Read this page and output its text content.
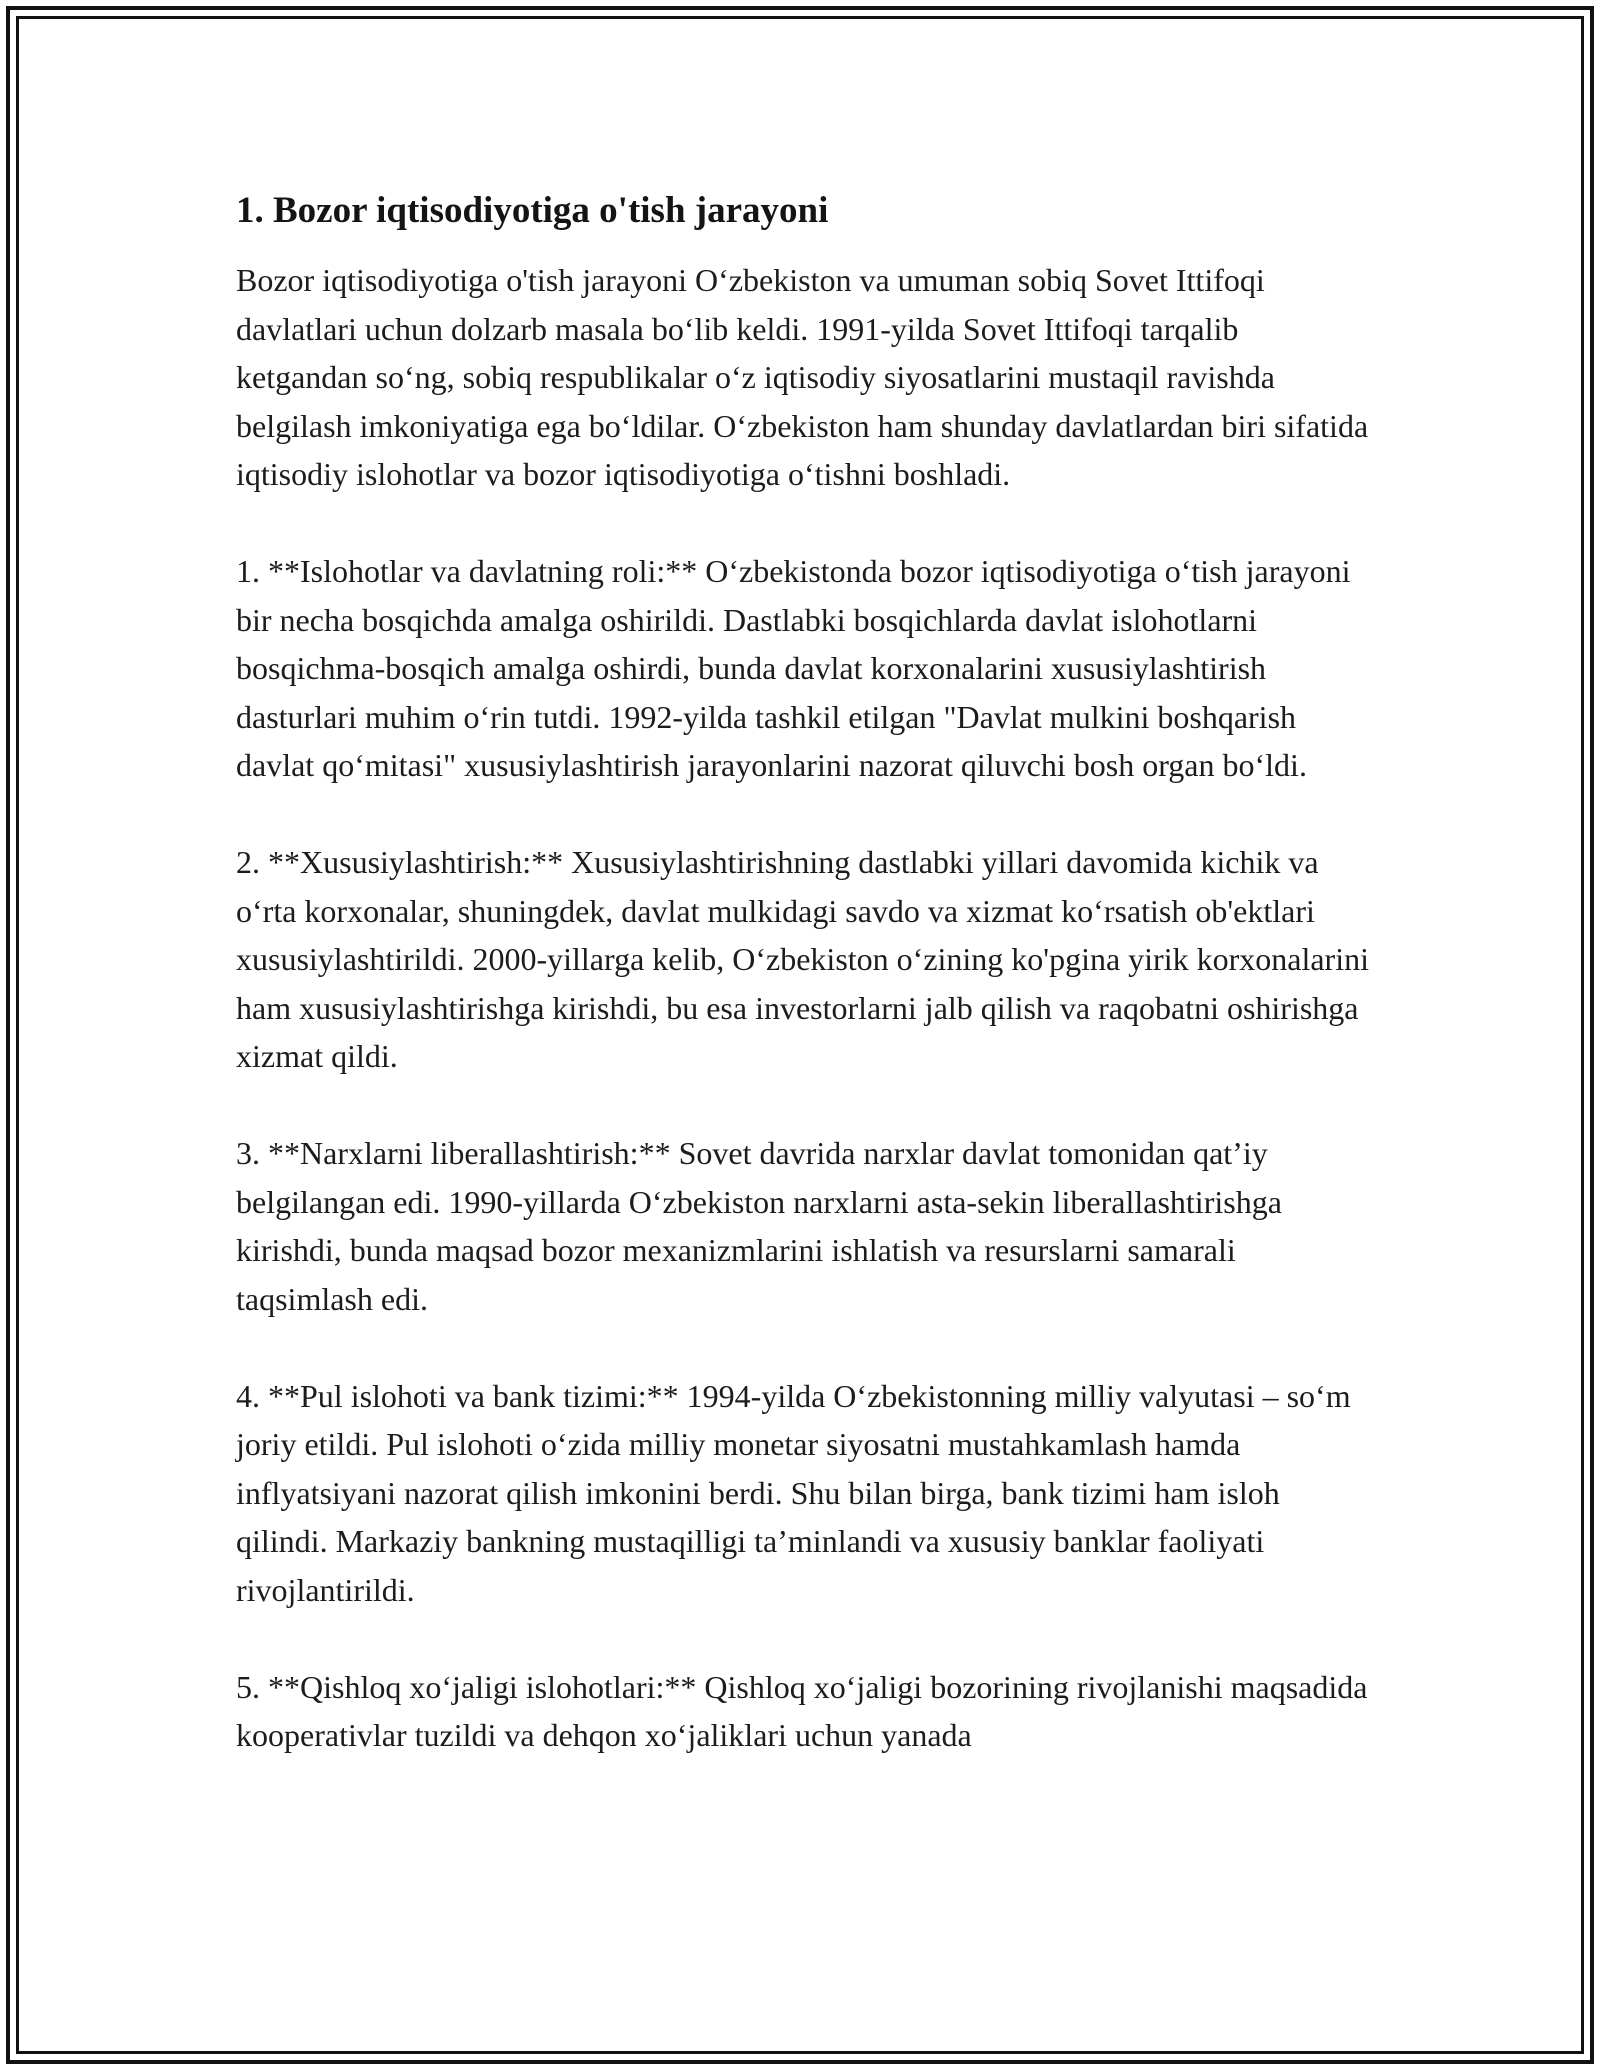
1. Bozor iqtisodiyotiga o'tish jarayoni

Bozor iqtisodiyotiga o'tish jarayoni O‘zbekiston va umuman sobiq Sovet Ittifoqi davlatlari uchun dolzarb masala bo‘lib keldi. 1991-yilda Sovet Ittifoqi tarqalib ketgandan so‘ng, sobiq respublikalar o‘z iqtisodiy siyosatlarini mustaqil ravishda belgilash imkoniyatiga ega bo‘ldilar. O‘zbekiston ham shunday davlatlardan biri sifatida iqtisodiy islohotlar va bozor iqtisodiyotiga o‘tishni boshladi.

1. **Islohotlar va davlatning roli:** O‘zbekistonda bozor iqtisodiyotiga o‘tish jarayoni bir necha bosqichda amalga oshirildi. Dastlabki bosqichlarda davlat islohotlarni bosqichma-bosqich amalga oshirdi, bunda davlat korxonalarini xususiylashtirish dasturlari muhim o‘rin tutdi. 1992-yilda tashkil etilgan "Davlat mulkini boshqarish davlat qo‘mitasi" xususiylashtirish jarayonlarini nazorat qiluvchi bosh organ bo‘ldi.

2. **Xususiylashtirish:** Xususiylashtirishning dastlabki yillari davomida kichik va o‘rta korxonalar, shuningdek, davlat mulkidagi savdo va xizmat ko‘rsatish ob'ektlari xususiylashtirildi. 2000-yillarga kelib, O‘zbekiston o‘zining ko'pgina yirik korxonalarini ham xususiylashtirishga kirishdi, bu esa investorlarni jalb qilish va raqobatni oshirishga xizmat qildi.

3. **Narxlarni liberallashtirish:** Sovet davrida narxlar davlat tomonidan qat’iy belgilangan edi. 1990-yillarda O‘zbekiston narxlarni asta-sekin liberallashtirishga kirishdi, bunda maqsad bozor mexanizmlarini ishlatish va resurslarni samarali taqsimlash edi.

4. **Pul islohoti va bank tizimi:** 1994-yilda O‘zbekistonning milliy valyutasi – so‘m joriy etildi. Pul islohoti o‘zida milliy monetar siyosatni mustahkamlash hamda inflyatsiyani nazorat qilish imkonini berdi. Shu bilan birga, bank tizimi ham isloh qilindi. Markaziy bankning mustaqilligi ta’minlandi va xususiy banklar faoliyati rivojlantirildi.

5. **Qishloq xo‘jaligi islohotlari:** Qishloq xo‘jaligi bozorining rivojlanishi maqsadida kooperativlar tuzildi va dehqon xo‘jaliklari uchun yanada
